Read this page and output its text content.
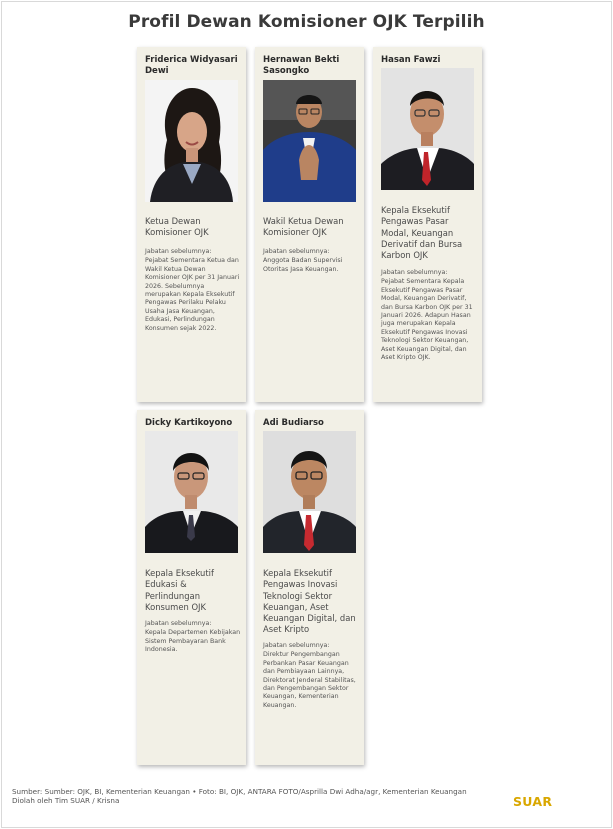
Profil Dewan Komisioner OJK Terpilih
Friderica Widyasari Dewi
Ketua Dewan Komisioner OJK
Jabatan sebelumnya:
Pejabat Sementara Ketua dan Wakil Ketua Dewan Komisioner OJK per 31 Januari 2026. Sebelumnya merupakan Kepala Eksekutif Pengawas Perilaku Pelaku Usaha Jasa Keuangan, Edukasi, Perlindungan Konsumen sejak 2022.
Hernawan Bekti Sasongko
Wakil Ketua Dewan Komisioner OJK
Jabatan sebelumnya:
Anggota Badan Supervisi Otoritas Jasa Keuangan.
Hasan Fawzi
Kepala Eksekutif Pengawas Pasar Modal, Keuangan Derivatif dan Bursa Karbon OJK
Jabatan sebelumnya:
Pejabat Sementara Kepala Eksekutif Pengawas Pasar Modal, Keuangan Derivatif, dan Bursa Karbon OJK per 31 Januari 2026. Adapun Hasan juga merupakan Kepala Eksekutif Pengawas Inovasi Teknologi Sektor Keuangan, Aset Keuangan Digital, dan Aset Kripto OJK.
Dicky Kartikoyono
Kepala Eksekutif Edukasi & Perlindungan Konsumen OJK
Jabatan sebelumnya:
Kepala Departemen Kebijakan Sistem Pembayaran Bank Indonesia.
Adi Budiarso
Kepala Eksekutif Pengawas Inovasi Teknologi Sektor Keuangan, Aset Keuangan Digital, dan Aset Kripto
Jabatan sebelumnya:
Direktur Pengembangan Perbankan Pasar Keuangan dan Pembiayaan Lainnya, Direktorat Jenderal Stabilitas, dan Pengembangan Sektor Keuangan, Kementerian Keuangan.
Sumber: Sumber: OJK, BI, Kementerian Keuangan • Foto: BI, OJK, ANTARA FOTO/Asprilla Dwi Adha/agr, Kementerian Keuangan
Diolah oleh Tim SUAR / Krisna	SUAR
